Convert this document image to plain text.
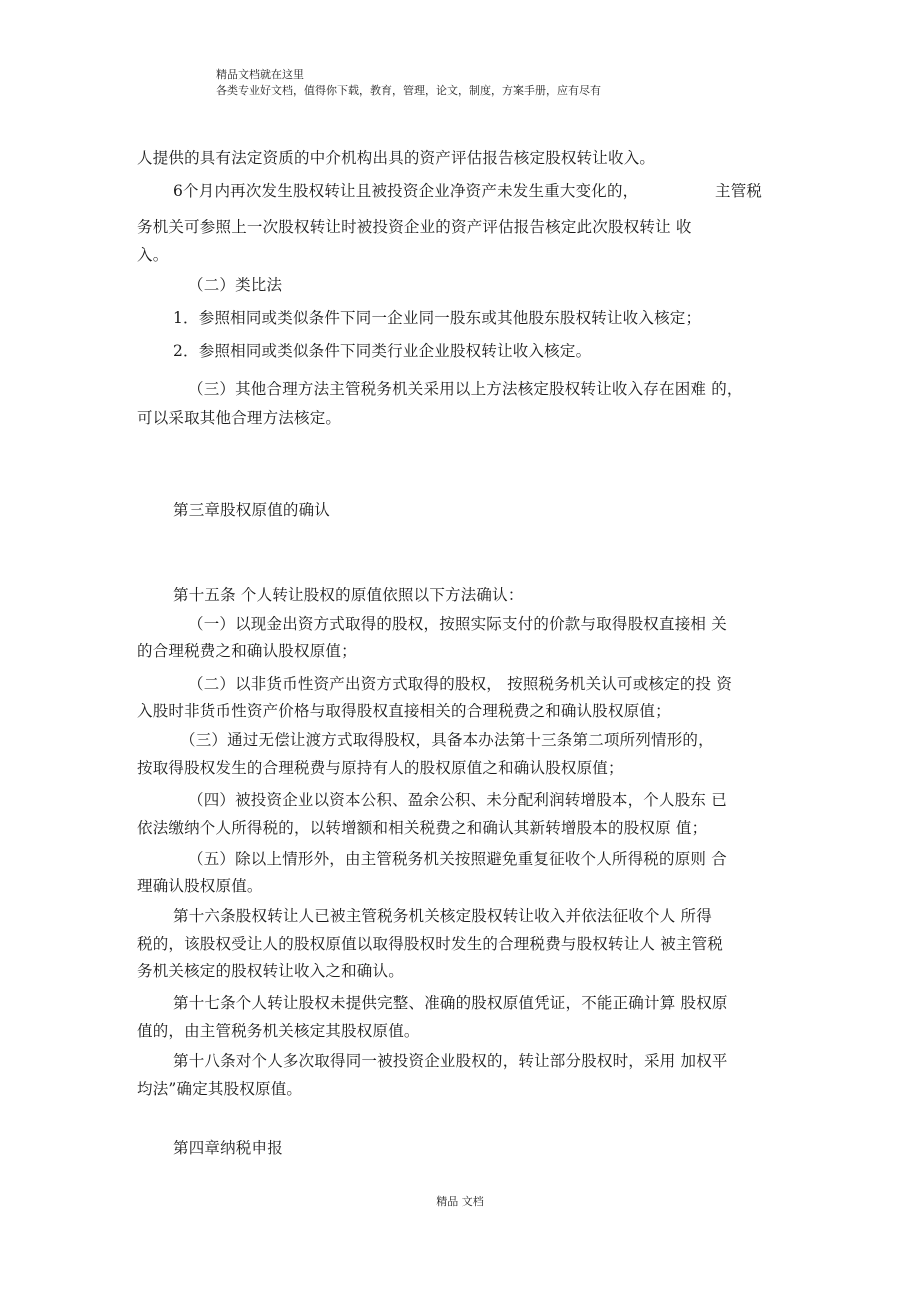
精品文档就在这里
各类专业好文档，值得你下载，教育，管理，论文，制度，方案手册，应有尽有
人提供的具有法定资质的中介机构出具的资产评估报告核定股权转让收入。
6个月内再次发生股权转让且被投资企业净资产未发生重大变化的，	主管税
务机关可参照上一次股权转让时被投资企业的资产评估报告核定此次股权转让 收
入。
（二）类比法
1．参照相同或类似条件下同一企业同一股东或其他股东股权转让收入核定；
2．参照相同或类似条件下同类行业企业股权转让收入核定。
（三）其他合理方法主管税务机关采用以上方法核定股权转让收入存在困难 的，
可以采取其他合理方法核定。
第三章股权原值的确认
第十五条 个人转让股权的原值依照以下方法确认：
（一）以现金出资方式取得的股权，按照实际支付的价款与取得股权直接相 关
的合理税费之和确认股权原值；
（二）以非货币性资产出资方式取得的股权， 按照税务机关认可或核定的投 资
入股时非货币性资产价格与取得股权直接相关的合理税费之和确认股权原值；
（三）通过无偿让渡方式取得股权，具备本办法第十三条第二项所列情形的，
按取得股权发生的合理税费与原持有人的股权原值之和确认股权原值；
（四）被投资企业以资本公积、盈余公积、未分配利润转增股本，个人股东 已
依法缴纳个人所得税的，以转增额和相关税费之和确认其新转增股本的股权原 值；
（五）除以上情形外，由主管税务机关按照避免重复征收个人所得税的原则 合
理确认股权原值。
第十六条股权转让人已被主管税务机关核定股权转让收入并依法征收个人 所得
税的，该股权受让人的股权原值以取得股权时发生的合理税费与股权转让人 被主管税
务机关核定的股权转让收入之和确认。
第十七条个人转让股权未提供完整、准确的股权原值凭证，不能正确计算 股权原
值的，由主管税务机关核定其股权原值。
第十八条对个人多次取得同一被投资企业股权的，转让部分股权时，采用 加权平
均法”确定其股权原值。
第四章纳税申报
精品 文档
